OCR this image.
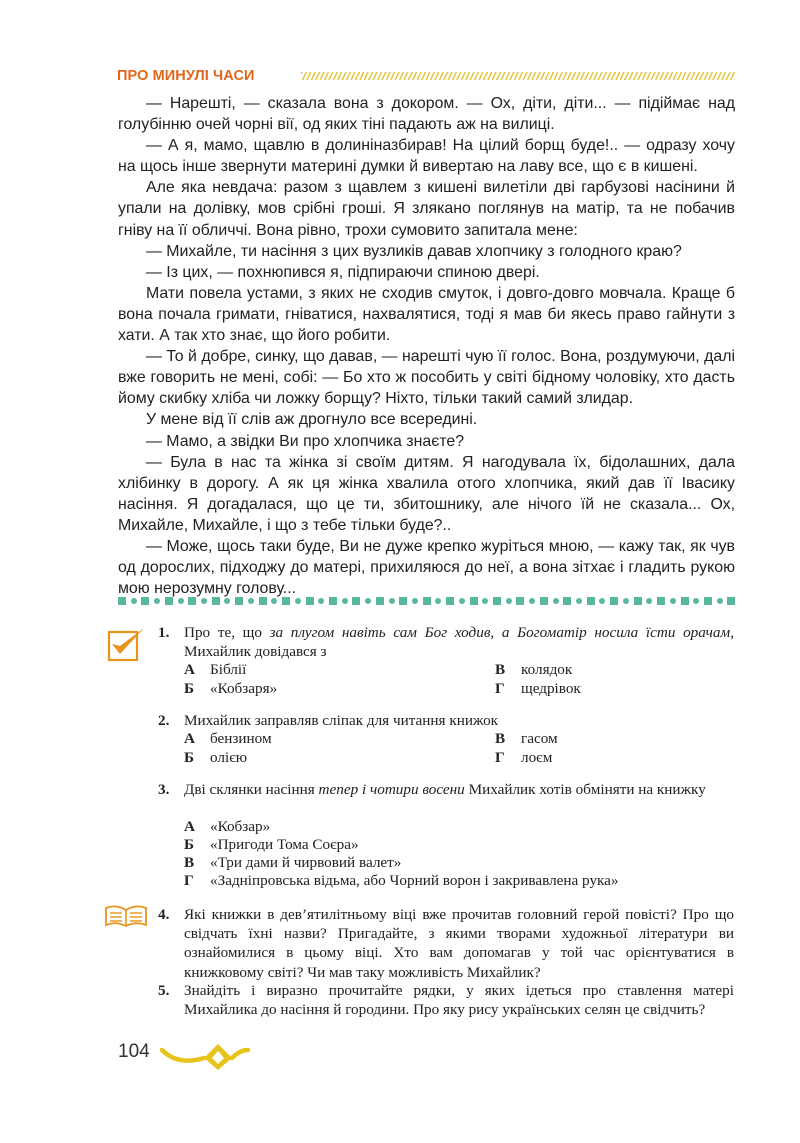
ПРО МИНУЛІ ЧАСИ

— Нарешті, — сказала вона з докором. — Ох, діти, діти... — підіймає над голубінню очей чорні вії, од яких тіні падають аж на вилиці.

— А я, мамо, щавлю в долиніназбирав! На цілий борщ буде!.. — одразу хочу на щось інше звернути материні думки й вивертаю на лаву все, що є в кишені.

Але яка невдача: разом з щавлем з кишені вилетіли дві гарбузові насінини й упали на долівку, мов срібні гроші. Я злякано поглянув на матір, та не побачив гніву на її обличчі. Вона рівно, трохи сумовито запитала мене:

— Михайле, ти насіння з цих вузликів давав хлопчику з голодного краю?

— Із цих, — похнюпився я, підпираючи спиною двері.

Мати повела устами, з яких не сходив смуток, і довго-довго мовчала. Краще б вона почала гримати, гніватися, нахвалятися, тоді я мав би якесь право гайнути з хати. А так хто знає, що його робити.

— То й добре, синку, що давав, — нарешті чую її голос. Вона, роздумуючи, далі вже говорить не мені, собі: — Бо хто ж пособить у світі бідному чоловіку, хто дасть йому скибку хліба чи ложку борщу? Ніхто, тільки такий самий злидар.

У мене від її слів аж дрогнуло все всередині.

— Мамо, а звідки Ви про хлопчика знаєте?

— Була в нас та жінка зі своїм дитям. Я нагодувала їх, бідолашних, дала хлібинку в дорогу. А як ця жінка хвалила отого хлопчика, який дав її Івасику насіння. Я догадалася, що це ти, збитошнику, але нічого їй не сказала... Ох, Михайле, Михайле, і що з тебе тільки буде?..

— Може, щось таки буде, Ви не дуже крепко журіться мною, — кажу так, як чув од дорослих, підходжу до матері, прихиляюся до неї, а вона зітхає і гладить рукою мою нерозумну голову...

1. Про те, що за плугом навіть сам Бог ходив, а Богоматір носила їсти орачам, Михайлик довідався з
А Біблії
Б «Кобзаря»
В колядок
Г щедрівок
2. Михайлик заправляв сліпак для читання книжок
А бензином
Б олією
В гасом
Г лоєм
3. Дві склянки насіння тепер і чотири восени Михайлик хотів обміняти на книжку
А «Кобзар»
Б «Пригоди Тома Соєра»
В «Три дами й чирвовий валет»
Г «Задніпровська відьма, або Чорний ворон і закривавлена рука»
4. Які книжки в дев’ятилітньому віці вже прочитав головний герой повісті? Про що свідчать їхні назви? Пригадайте, з якими творами художньої літератури ви ознайомилися в цьому віці. Хто вам допомагав у той час орієнтуватися в книжковому світі? Чи мав таку можливість Михайлик?
5. Знайдіть і виразно прочитайте рядки, у яких ідеться про ставлення матері Михайлика до насіння й городини. Про яку рису українських селян це свідчить?
104
